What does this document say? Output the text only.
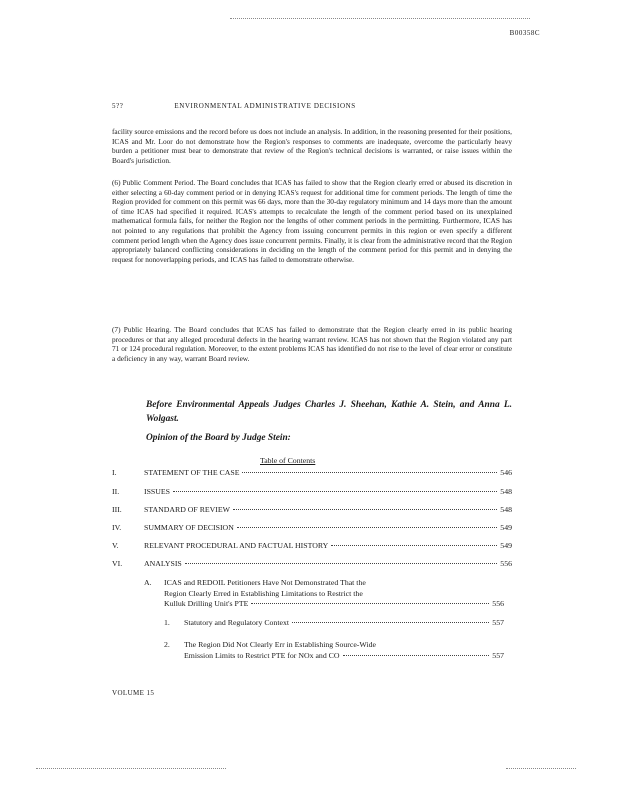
B00358C
5??	ENVIRONMENTAL ADMINISTRATIVE DECISIONS
facility source emissions and the record before us does not include an analysis. In addition, in the reasoning presented for their positions, ICAS and Mr. Loor do not demonstrate how the Region's responses to comments are inadequate, overcome the particularly heavy burden a petitioner must bear to demonstrate that review of the Region's technical decisions is warranted, or raise issues within the Board's jurisdiction.
(6) Public Comment Period. The Board concludes that ICAS has failed to show that the Region clearly erred or abused its discretion in either selecting a 60-day comment period or in denying ICAS's request for additional time for comment periods. The length of time the Region provided for comment on this permit was 66 days, more than the 30-day regulatory minimum and 14 days more than the amount of time ICAS had specified it required. ICAS's attempts to recalculate the length of the comment period based on its unexplained mathematical formula fails, for neither the Region nor the lengths of other comment periods in the permitting. Furthermore, ICAS has not pointed to any regulations that prohibit the Agency from issuing concurrent permits in this region or even specify a different comment period length when the Agency does issue concurrent permits. Finally, it is clear from the administrative record that the Region appropriately balanced conflicting considerations in deciding on the length of the comment period for this permit and in denying the request for nonoverlapping periods, and ICAS has failed to demonstrate otherwise.
(7) Public Hearing. The Board concludes that ICAS has failed to demonstrate that the Region clearly erred in its public hearing procedures or that any alleged procedural defects in the hearing warrant review. ICAS has not shown that the Region violated any part 71 or 124 procedural regulation. Moreover, to the extent problems ICAS has identified do not rise to the level of clear error or constitute a deficiency in any way, warrant Board review.
Before Environmental Appeals Judges Charles J. Sheehan, Kathie A. Stein, and Anna L. Wolgast.
Opinion of the Board by Judge Stein:
Table of Contents
I.	STATEMENT OF THE CASE	546
II.	ISSUES	548
III.	STANDARD OF REVIEW	548
IV.	SUMMARY OF DECISION	549
V.	RELEVANT PROCEDURAL AND FACTUAL HISTORY	549
VI.	ANALYSIS	556
A. ICAS and REDOIL Petitioners Have Not Demonstrated That the
Region Clearly Erred in Establishing Limitations to Restrict the
Kulluk Drilling Unit's PTE	556
1. Statutory and Regulatory Context	557
2. The Region Did Not Clearly Err in Establishing Source-Wide
Emission Limits to Restrict PTE for NOx and CO	557
VOLUME 15
